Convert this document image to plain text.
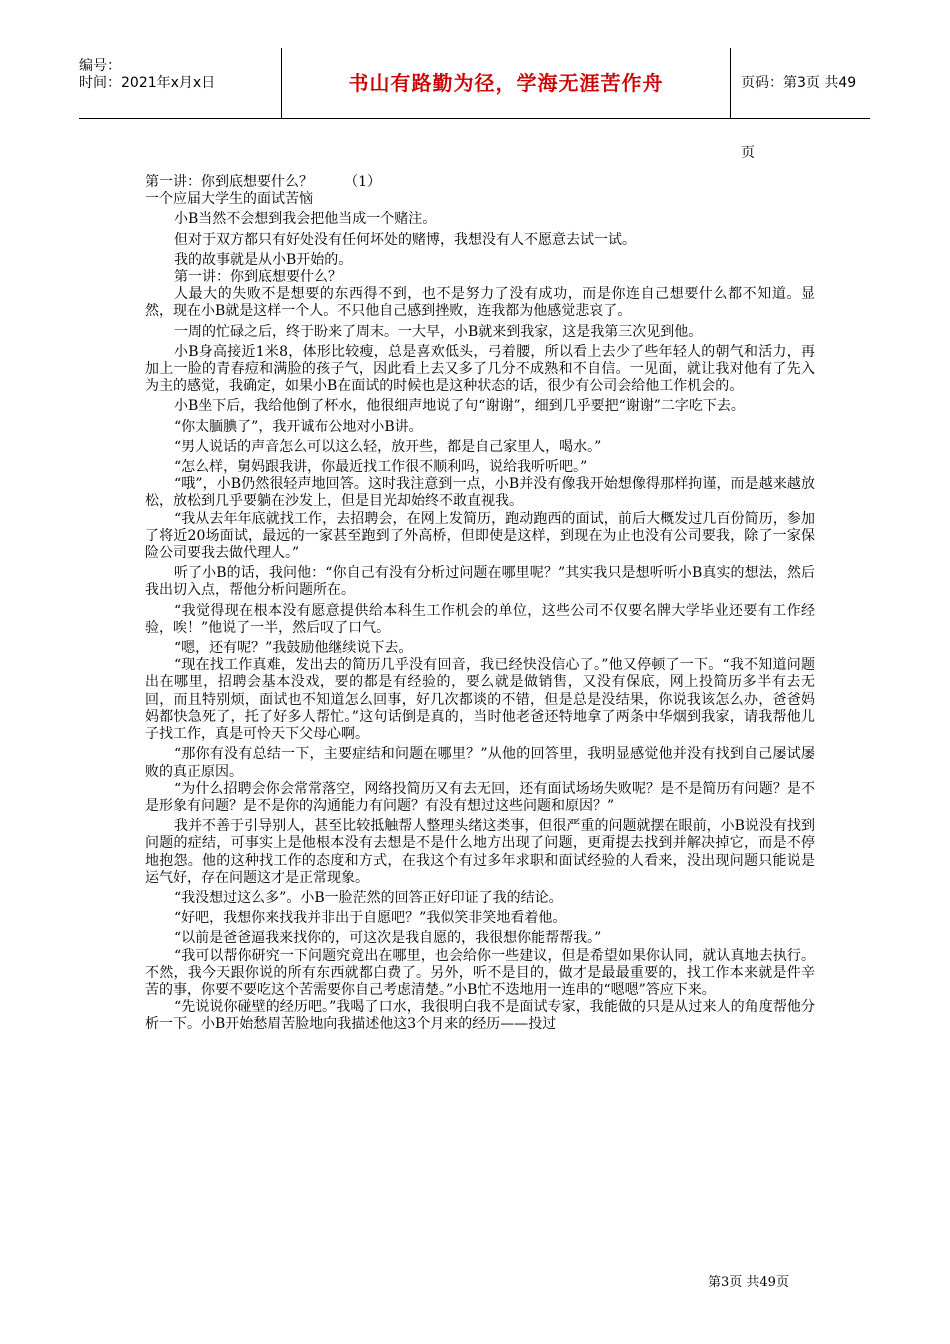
编号：
时间：2021年x月x日	书山有路勤为径，学海无涯苦作舟	页码：第3页 共49页

第一讲：你到底想要什么？       （1）

一个应届大学生的面试苦恼

小B当然不会想到我会把他当成一个赌注。

但对于双方都只有好处没有任何坏处的赌博，我想没有人不愿意去试一试。

我的故事就是从小B开始的。

第一讲：你到底想要什么？

人最大的失败不是想要的东西得不到，也不是努力了没有成功，而是你连自己想要什么都不知道。显然，现在小B就是这样一个人。不只他自己感到挫败，连我都为他感觉悲哀了。

一周的忙碌之后，终于盼来了周末。一大早，小B就来到我家，这是我第三次见到他。

小B身高接近1米8，体形比较瘦，总是喜欢低头，弓着腰，所以看上去少了些年轻人的朝气和活力，再加上一脸的青春痘和满脸的孩子气，因此看上去又多了几分不成熟和不自信。一见面，就让我对他有了先入为主的感觉，我确定，如果小B在面试的时候也是这种状态的话，很少有公司会给他工作机会的。

小B坐下后，我给他倒了杯水，他很细声地说了句“谢谢”，细到几乎要把“谢谢”二字吃下去。

“你太腼腆了”，我开诚布公地对小B讲。

“男人说话的声音怎么可以这么轻，放开些，都是自己家里人，喝水。”

“怎么样，舅妈跟我讲，你最近找工作很不顺利吗，说给我听听吧。”

“哦”，小B仍然很轻声地回答。这时我注意到一点，小B并没有像我开始想像得那样拘谨，而是越来越放松，放松到几乎要躺在沙发上，但是目光却始终不敢直视我。

“我从去年年底就找工作，去招聘会，在网上发简历，跑动跑西的面试，前后大概发过几百份简历，参加了将近20场面试，最远的一家甚至跑到了外高桥，但即使是这样，到现在为止也没有公司要我，除了一家保险公司要我去做代理人。”

听了小B的话，我问他：“你自己有没有分析过问题在哪里呢？”其实我只是想听听小B真实的想法，然后我出切入点，帮他分析问题所在。

“我觉得现在根本没有愿意提供给本科生工作机会的单位，这些公司不仅要名牌大学毕业还要有工作经验，唉！”他说了一半，然后叹了口气。

“嗯，还有呢？”我鼓励他继续说下去。

“现在找工作真难，发出去的简历几乎没有回音，我已经快没信心了。”他又停顿了一下。“我不知道问题出在哪里，招聘会基本没戏，要的都是有经验的，要么就是做销售，又没有保底，网上投简历多半有去无回，而且特别烦，面试也不知道怎么回事，好几次都谈的不错，但是总是没结果，你说我该怎么办，爸爸妈妈都快急死了，托了好多人帮忙。”这句话倒是真的，当时他老爸还特地拿了两条中华烟到我家，请我帮他儿子找工作，真是可怜天下父母心啊。

“那你有没有总结一下，主要症结和问题在哪里？”从他的回答里，我明显感觉他并没有找到自己屡试屡败的真正原因。

“为什么招聘会你会常常落空，网络投简历又有去无回，还有面试场场失败呢？是不是简历有问题？是不是形象有问题？是不是你的沟通能力有问题？有没有想过这些问题和原因？”

我并不善于引导别人，甚至比较抵触帮人整理头绪这类事，但很严重的问题就摆在眼前，小B说没有找到问题的症结，可事实上是他根本没有去想是不是什么地方出现了问题，更甭提去找到并解决掉它，而是不停地抱怨。他的这种找工作的态度和方式，在我这个有过多年求职和面试经验的人看来，没出现问题只能说是运气好，存在问题这才是正常现象。

“我没想过这么多”。小B一脸茫然的回答正好印证了我的结论。

“好吧，我想你来找我并非出于自愿吧？”我似笑非笑地看着他。

“以前是爸爸逼我来找你的，可这次是我自愿的，我很想你能帮帮我。”

“我可以帮你研究一下问题究竟出在哪里，也会给你一些建议，但是希望如果你认同，就认真地去执行。不然，我今天跟你说的所有东西就都白费了。另外，听不是目的，做才是最最重要的，找工作本来就是件辛苦的事，你要不要吃这个苦需要你自己考虑清楚。”小B忙不迭地用一连串的“嗯嗯”答应下来。

“先说说你碰壁的经历吧。”我喝了口水，我很明白我不是面试专家，我能做的只是从过来人的角度帮他分析一下。小B开始愁眉苦脸地向我描述他这3个月来的经历——投过

第3页 共49页
